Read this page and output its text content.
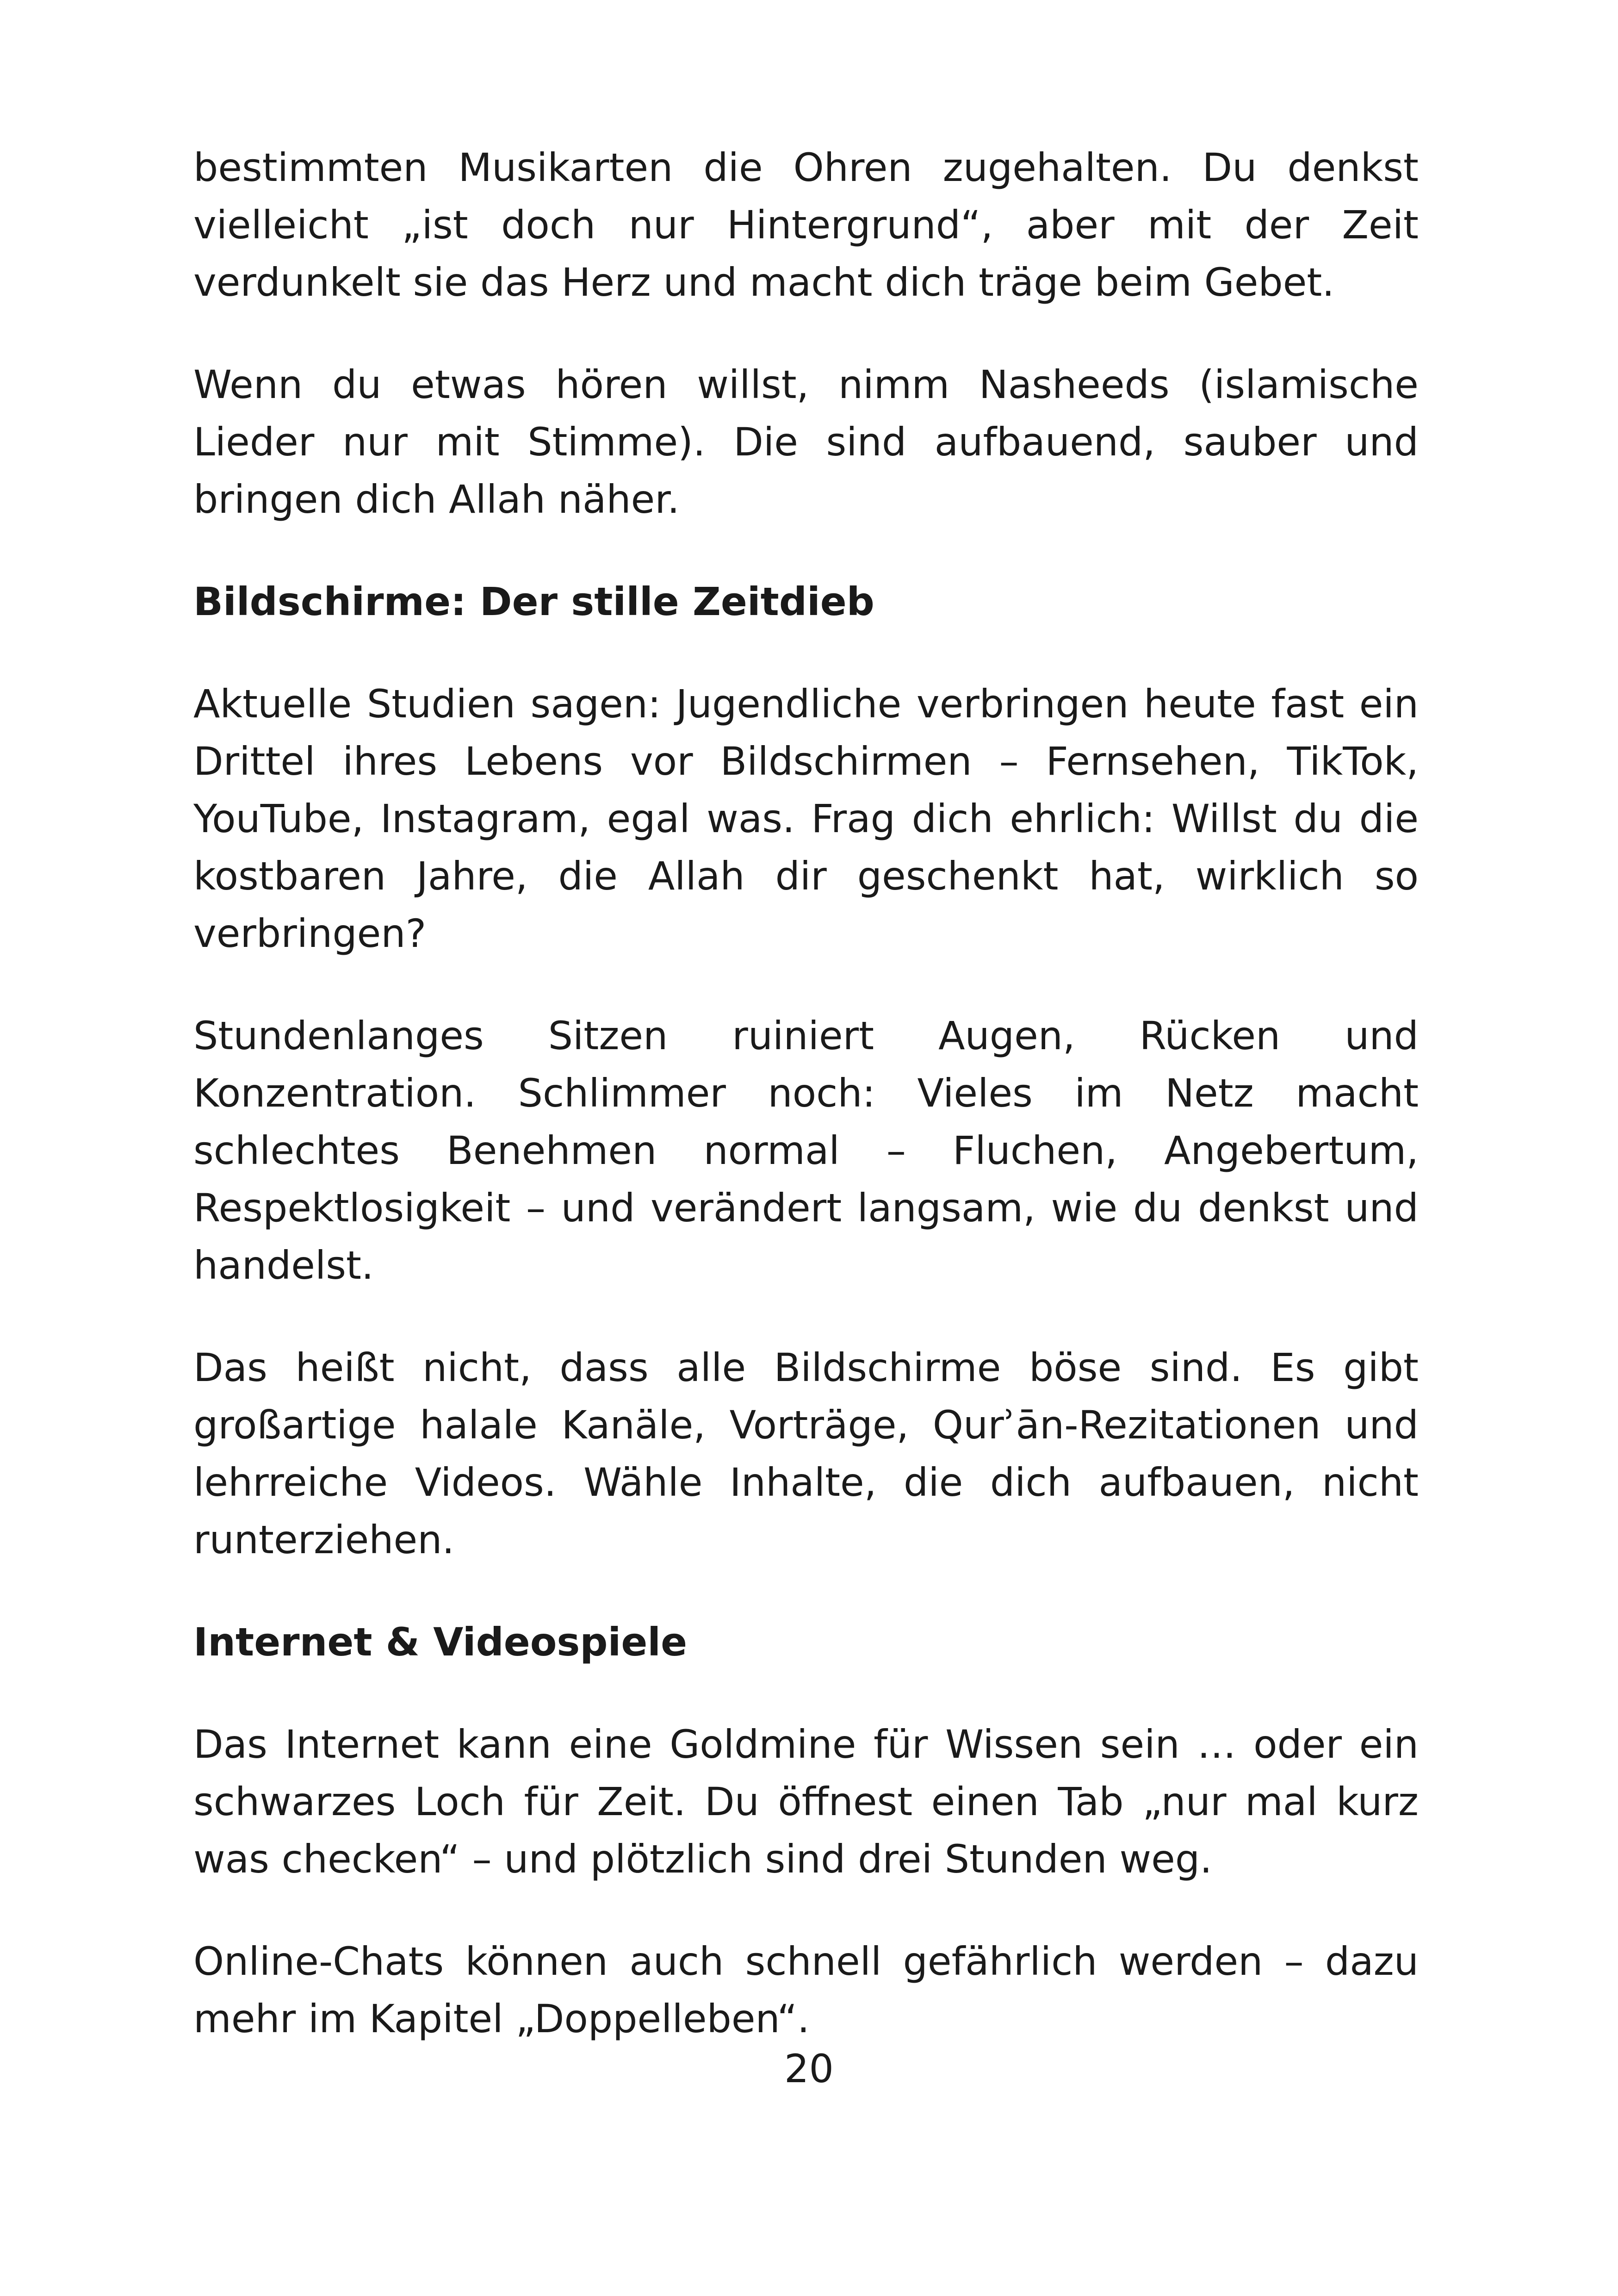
bestimmten Musikarten die Ohren zugehalten. Du denkst vielleicht „ist doch nur Hintergrund“, aber mit der Zeit verdunkelt sie das Herz und macht dich träge beim Gebet.

Wenn du etwas hören willst, nimm Nasheeds (islamische Lieder nur mit Stimme). Die sind aufbauend, sauber und bringen dich Allah näher.

Bildschirme: Der stille Zeitdieb

Aktuelle Studien sagen: Jugendliche verbringen heute fast ein Drittel ihres Lebens vor Bildschirmen – Fernsehen, TikTok, YouTube, Instagram, egal was. Frag dich ehrlich: Willst du die kostbaren Jahre, die Allah dir geschenkt hat, wirklich so verbringen?

Stundenlanges Sitzen ruiniert Augen, Rücken und Konzentration. Schlimmer noch: Vieles im Netz macht schlechtes Benehmen normal – Fluchen, Angebertum, Respektlosigkeit – und verändert langsam, wie du denkst und handelst.

Das heißt nicht, dass alle Bildschirme böse sind. Es gibt großartige halale Kanäle, Vorträge, Qurʾān-Rezitationen und lehrreiche Videos. Wähle Inhalte, die dich aufbauen, nicht runterziehen.

Internet & Videospiele

Das Internet kann eine Goldmine für Wissen sein … oder ein schwarzes Loch für Zeit. Du öffnest einen Tab „nur mal kurz was checken“ – und plötzlich sind drei Stunden weg.

Online-Chats können auch schnell gefährlich werden – dazu mehr im Kapitel „Doppelleben“.

20
